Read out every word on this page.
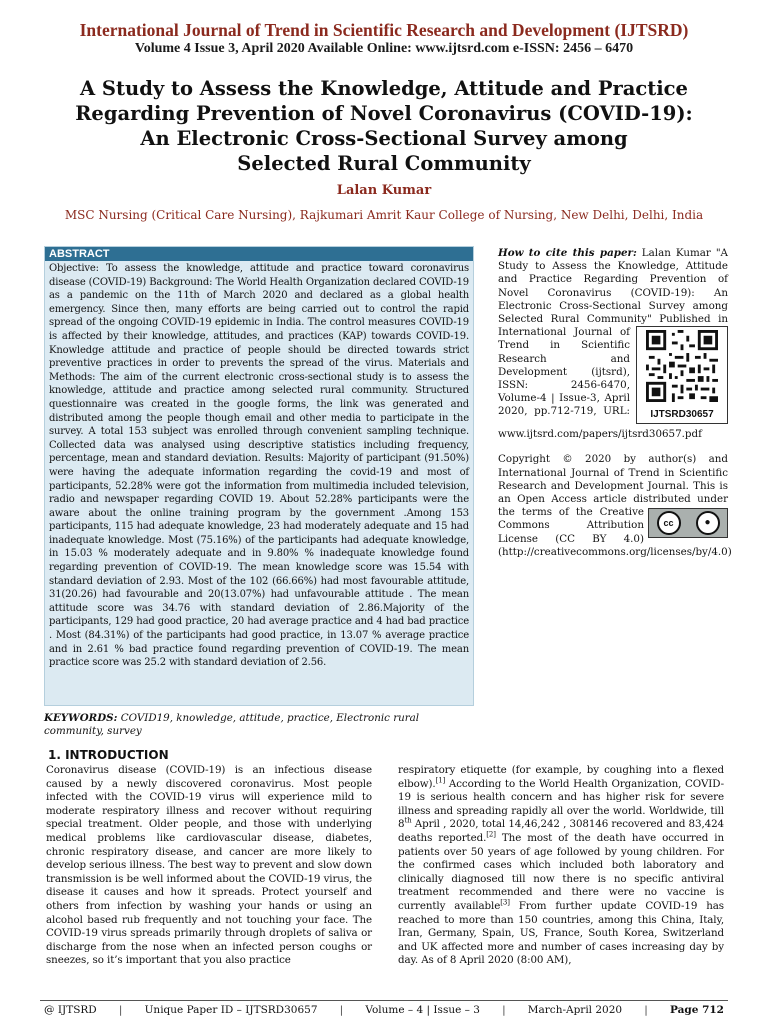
International Journal of Trend in Scientific Research and Development (IJTSRD)
Volume 4 Issue 3, April 2020 Available Online: www.ijtsrd.com e-ISSN: 2456 – 6470
A Study to Assess the Knowledge, Attitude and Practice
Regarding Prevention of Novel Coronavirus (COVID-19):
An Electronic Cross-Sectional Survey among
Selected Rural Community
Lalan Kumar
MSC Nursing (Critical Care Nursing), Rajkumari Amrit Kaur College of Nursing, New Delhi, Delhi, India
ABSTRACT
Objective: To assess the knowledge, attitude and practice toward coronavirus disease (COVID-19) Background: The World Health Organization declared COVID-19 as a pandemic on the 11th of March 2020 and declared as a global health emergency. Since then, many efforts are being carried out to control the rapid spread of the ongoing COVID-19 epidemic in India. The control measures COVID-19 is affected by their knowledge, attitudes, and practices (KAP) towards COVID-19. Knowledge attitude and practice of people should be directed towards strict preventive practices in order to prevents the spread of the virus. Materials and Methods: The aim of the current electronic cross-sectional study is to assess the knowledge, attitude and practice among selected rural community. Structured questionnaire was created in the google forms, the link was generated and distributed among the people though email and other media to participate in the survey. A total 153 subject was enrolled through convenient sampling technique. Collected data was analysed using descriptive statistics including frequency, percentage, mean and standard deviation. Results: Majority of participant (91.50%) were having the adequate information regarding the covid-19 and most of participants, 52.28% were got the information from multimedia included television, radio and newspaper regarding COVID 19. About 52.28% participants were the aware about the online training program by the government .Among 153 participants, 115 had adequate knowledge, 23 had moderately adequate and 15 had inadequate knowledge. Most (75.16%) of the participants had adequate knowledge, in 15.03 % moderately adequate and in 9.80% % inadequate knowledge found regarding prevention of COVID-19. The mean knowledge score was 15.54 with standard deviation of 2.93. Most of the 102 (66.66%) had most favourable attitude, 31(20.26) had favourable and 20(13.07%) had unfavourable attitude . The mean attitude score was 34.76 with standard deviation of 2.86.Majority of the participants, 129 had good practice, 20 had average practice and 4 had bad practice . Most (84.31%) of the participants had good practice, in 13.07 % average practice and in 2.61 % bad practice found regarding prevention of COVID-19. The mean practice score was 25.2 with standard deviation of 2.56.
How to cite this paper: Lalan Kumar "A Study to Assess the Knowledge, Attitude and Practice Regarding Prevention of Novel Coronavirus (COVID-19): An Electronic Cross-Sectional Survey among Selected Rural Community" Published in
IJTSRD30657
International Journal of Trend in Scientific Research and Development (ijtsrd), ISSN: 2456-6470, Volume-4 | Issue-3, April 2020, pp.712-719, URL: www.ijtsrd.com/papers/ijtsrd30657.pdf
Copyright © 2020 by author(s) and International Journal of Trend in Scientific Research and Development Journal. This is an Open Access article distributed
cc	●
under the terms of the Creative Commons Attribution License (CC BY 4.0) (http://creativecommons.org/licenses/by/4.0)
KEYWORDS: COVID19, knowledge, attitude, practice, Electronic rural community, survey
1. INTRODUCTION
Coronavirus disease (COVID-19) is an infectious disease caused by a newly discovered coronavirus. Most people infected with the COVID-19 virus will experience mild to moderate respiratory illness and recover without requiring special treatment. Older people, and those with underlying medical problems like cardiovascular disease, diabetes, chronic respiratory disease, and cancer are more likely to develop serious illness. The best way to prevent and slow down transmission is be well informed about the COVID-19 virus, the disease it causes and how it spreads. Protect yourself and others from infection by washing your hands or using an alcohol based rub frequently and not touching your face. The COVID-19 virus spreads primarily through droplets of saliva or discharge from the nose when an infected person coughs or sneezes, so it’s important that you also practice
respiratory etiquette (for example, by coughing into a flexed elbow).[1] According to the World Health Organization, COVID-19 is serious health concern and has higher risk for severe illness and spreading rapidly all over the world. Worldwide, till 8th April , 2020, total 14,46,242 , 308146 recovered and 83,424 deaths reported.[2] The most of the death have occurred in patients over 50 years of age followed by young children. For the confirmed cases which included both laboratory and clinically diagnosed till now there is no specific antiviral treatment recommended and there were no vaccine is currently available[3] From further update COVID-19 has reached to more than 150 countries, among this China, Italy, Iran, Germany, Spain, US, France, South Korea, Switzerland and UK affected more and number of cases increasing day by day. As of 8 April 2020 (8:00 AM),
@ IJTSRD | Unique Paper ID – IJTSRD30657 | Volume – 4 | Issue – 3 | March-April 2020 | Page 712
